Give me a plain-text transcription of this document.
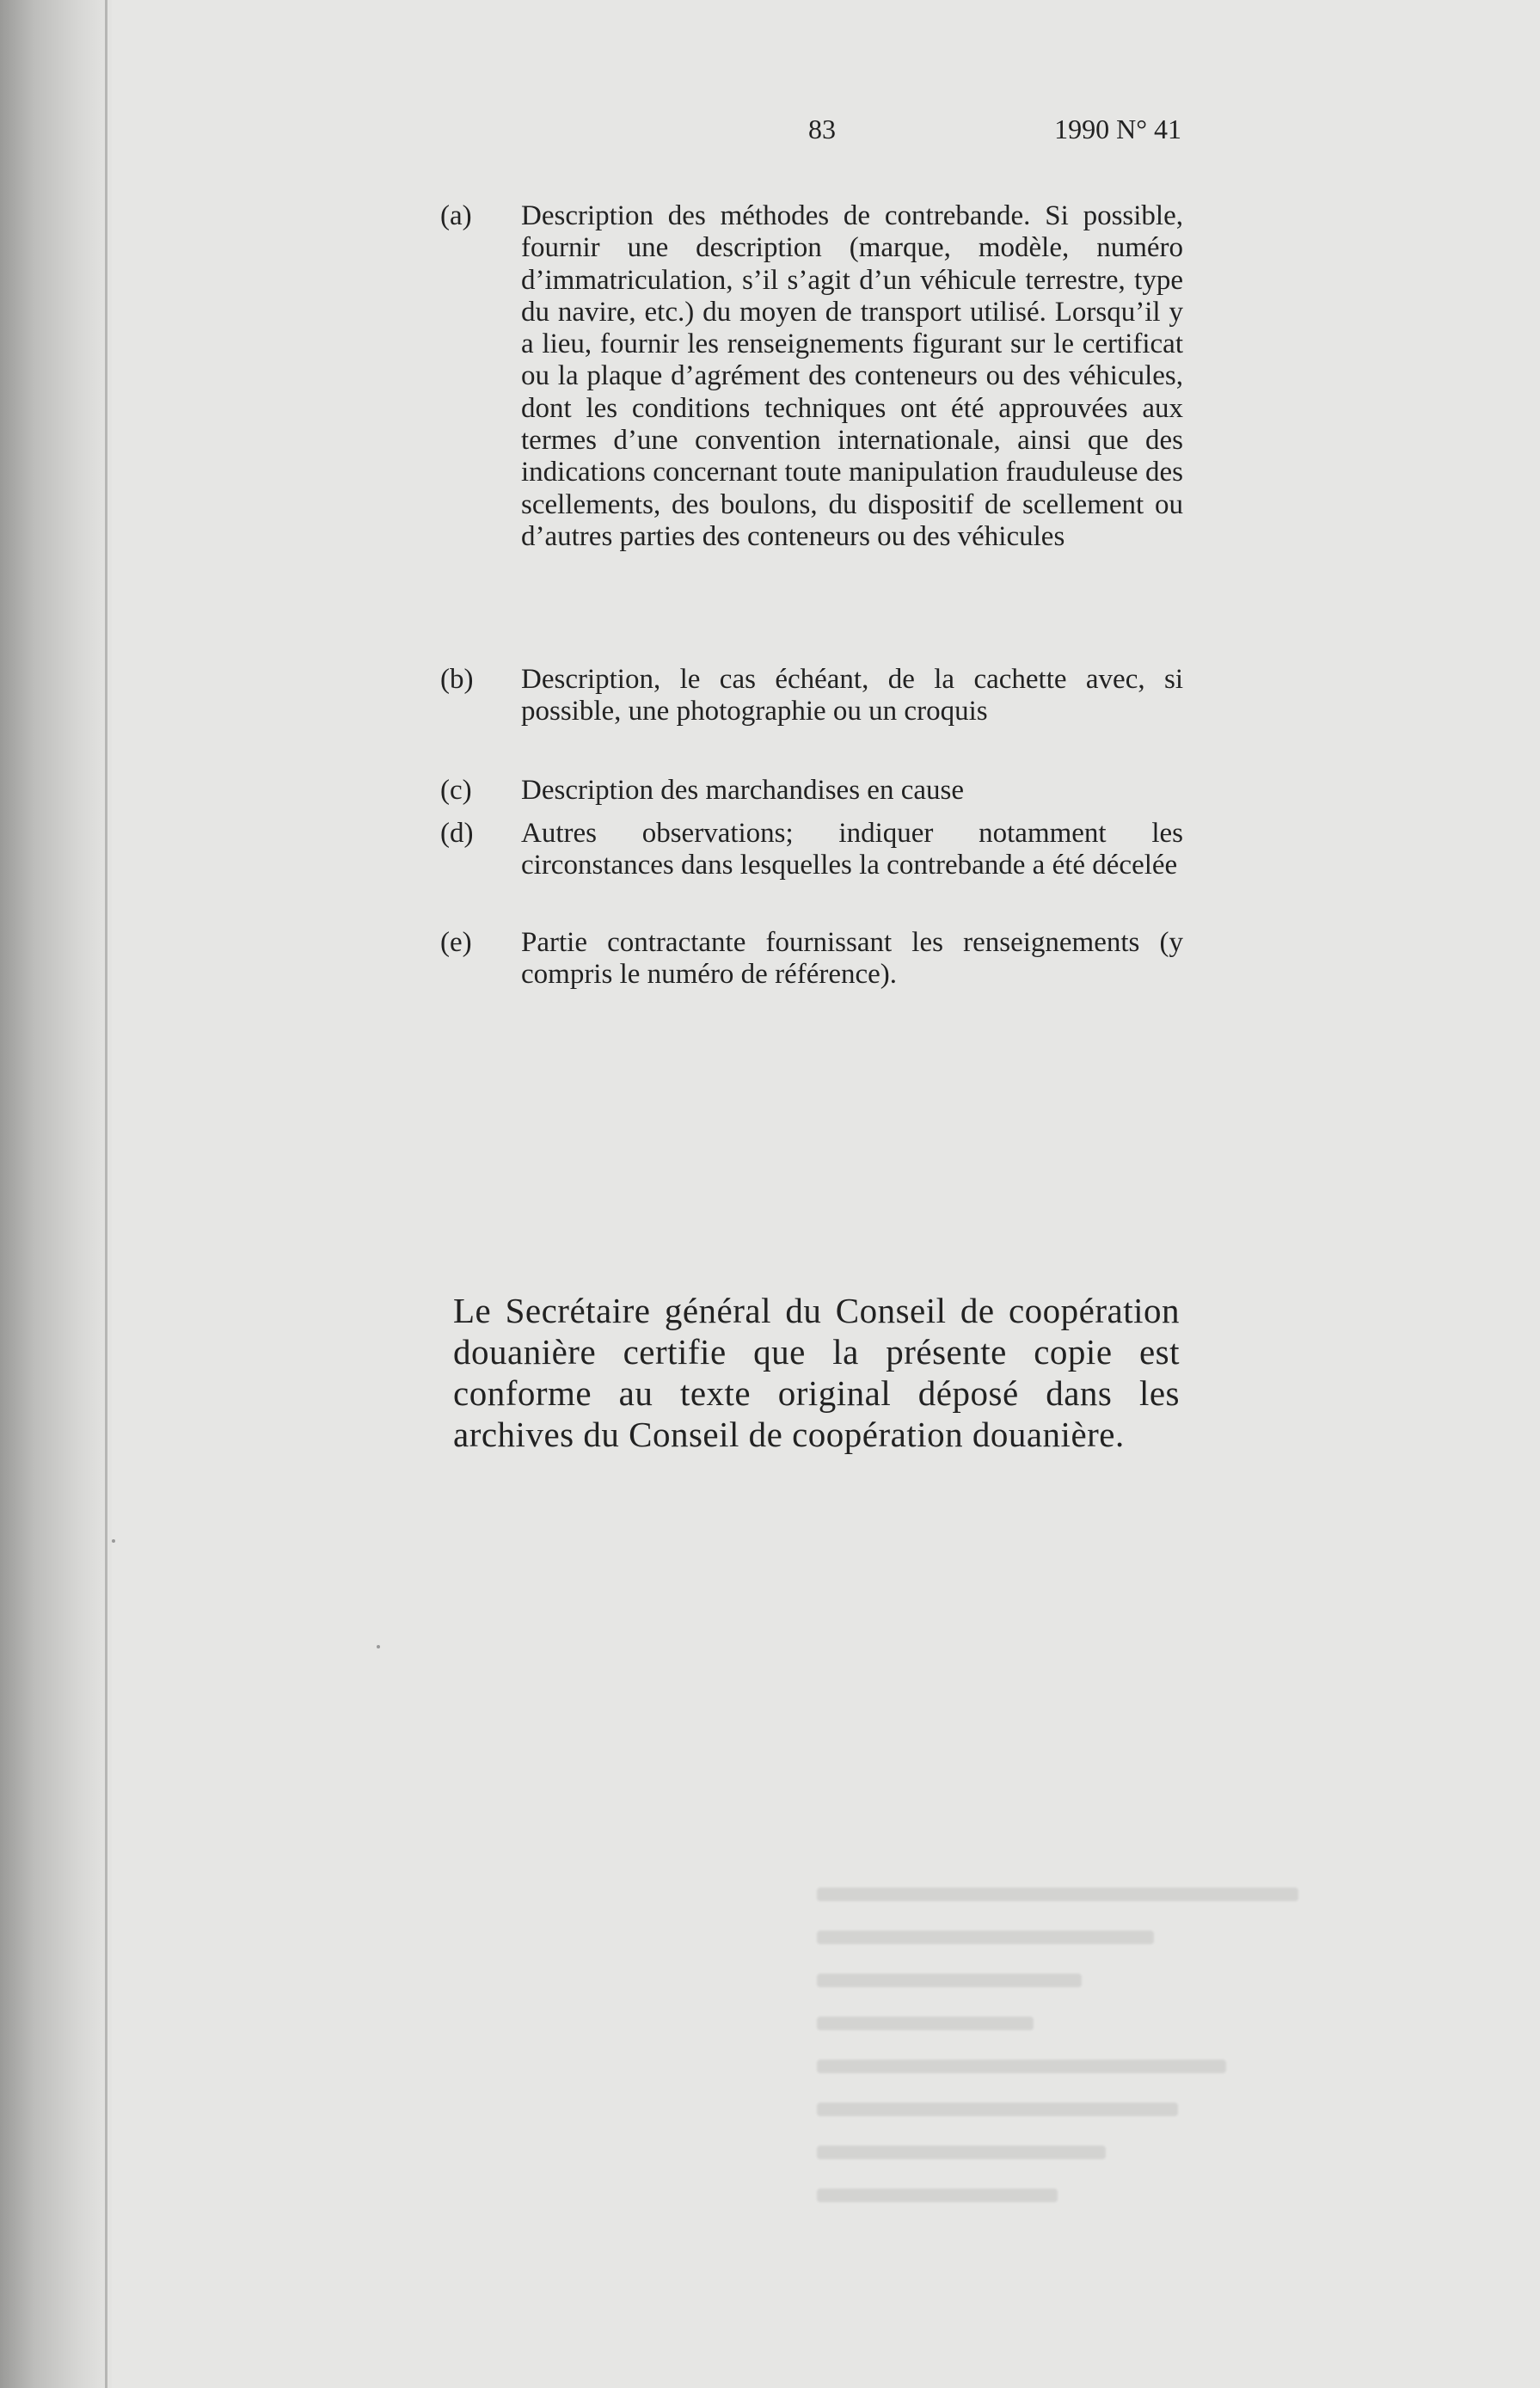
83	1990 N° 41
(a) Description des méthodes de contrebande. Si possible, fournir une description (marque, modèle, numéro d’immatriculation, s’il s’agit d’un véhicule terrestre, type du navire, etc.) du moyen de transport utilisé. Lorsqu’il y a lieu, fournir les renseignements figurant sur le certificat ou la plaque d’agrément des conteneurs ou des véhicules, dont les conditions techniques ont été approuvées aux termes d’une convention internationale, ainsi que des indications concernant toute manipulation frauduleuse des scellements, des boulons, du dispositif de scellement ou d’autres parties des conteneurs ou des véhicules
(b) Description, le cas échéant, de la cachette avec, si possible, une photographie ou un croquis
(c) Description des marchandises en cause
(d) Autres observations; indiquer notamment les circonstances dans lesquelles la contrebande a été décelée
(e) Partie contractante fournissant les renseignements (y compris le numéro de référence).
Le Secrétaire général du Conseil de coopération douanière certifie que la présente copie est conforme au texte original déposé dans les archives du Conseil de coopération douanière.
